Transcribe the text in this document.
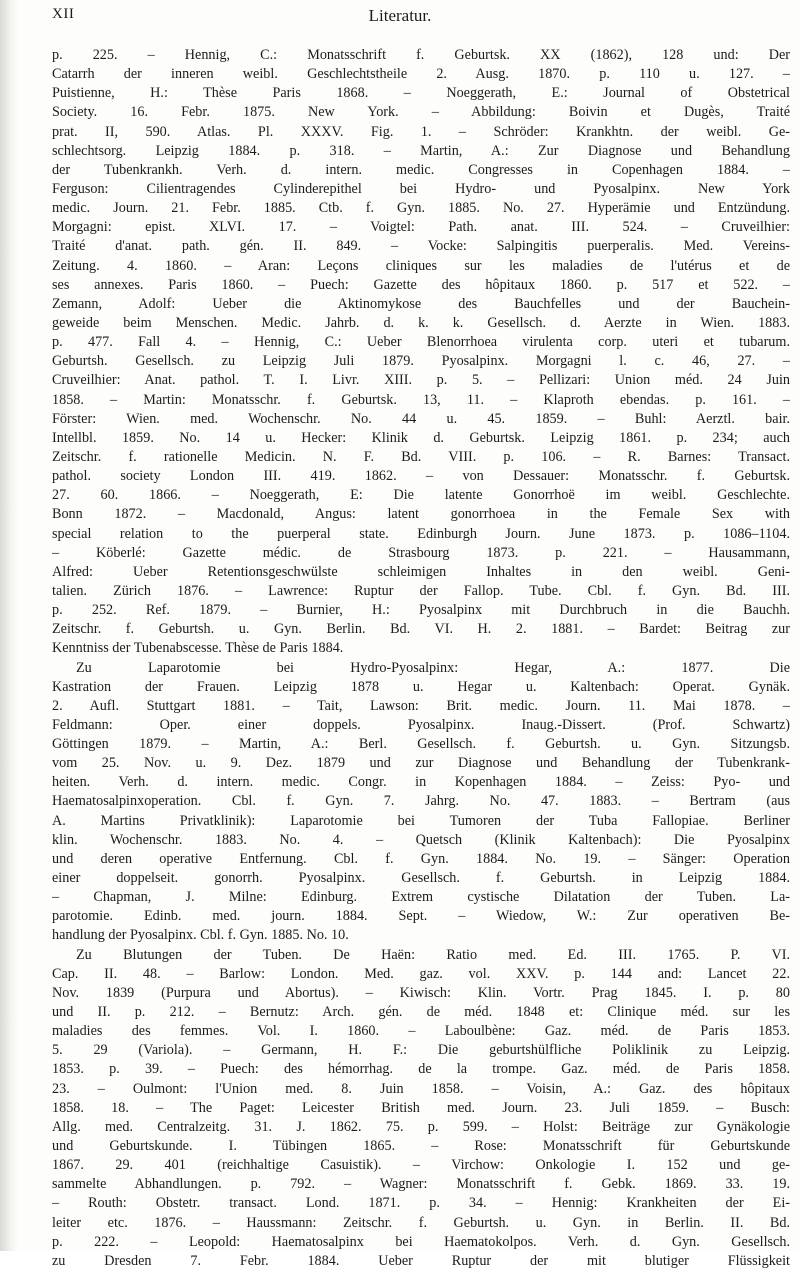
XII	Literatur.
p. 225. – Hennig, C.: Monatsschrift f. Geburtsk. XX (1862), 128 und: Der
Catarrh der inneren weibl. Geschlechtstheile 2. Ausg. 1870. p. 110 u. 127. –
Puistienne, H.: Thèse Paris 1868. – Noeggerath, E.: Journal of Obstetrical
Society. 16. Febr. 1875. New York. – Abbildung: Boivin et Dugès, Traité
prat. II, 590. Atlas. Pl. XXXV. Fig. 1. – Schröder: Krankhtn. der weibl. Ge-
schlechtsorg. Leipzig 1884. p. 318. – Martin, A.: Zur Diagnose und Behandlung
der Tubenkrankh. Verh. d. intern. medic. Congresses in Copenhagen 1884. –
Ferguson: Cilientragendes Cylinderepithel bei Hydro- und Pyosalpinx. New York
medic. Journ. 21. Febr. 1885. Ctb. f. Gyn. 1885. No. 27. Hyperämie und Entzündung.
Morgagni: epist. XLVI. 17. – Voigtel: Path. anat. III. 524. – Cruveilhier:
Traité d'anat. path. gén. II. 849. – Vocke: Salpingitis puerperalis. Med. Vereins-
Zeitung. 4. 1860. – Aran: Leçons cliniques sur les maladies de l'utérus et de
ses annexes. Paris 1860. – Puech: Gazette des hôpitaux 1860. p. 517 et 522. –
Zemann, Adolf: Ueber die Aktinomykose des Bauchfelles und der Bauchein-
geweide beim Menschen. Medic. Jahrb. d. k. k. Gesellsch. d. Aerzte in Wien. 1883.
p. 477. Fall 4. – Hennig, C.: Ueber Blenorrhoea virulenta corp. uteri et tubarum.
Geburtsh. Gesellsch. zu Leipzig Juli 1879. Pyosalpinx. Morgagni l. c. 46, 27. –
Cruveilhier: Anat. pathol. T. I. Livr. XIII. p. 5. – Pellizari: Union méd. 24 Juin
1858. – Martin: Monatsschr. f. Geburtsk. 13, 11. – Klaproth ebendas. p. 161. –
Förster: Wien. med. Wochenschr. No. 44 u. 45. 1859. – Buhl: Aerztl. bair.
Intellbl. 1859. No. 14 u. Hecker: Klinik d. Geburtsk. Leipzig 1861. p. 234; auch
Zeitschr. f. rationelle Medicin. N. F. Bd. VIII. p. 106. – R. Barnes: Transact.
pathol. society London III. 419. 1862. – von Dessauer: Monatsschr. f. Geburtsk.
27. 60. 1866. – Noeggerath, E: Die latente Gonorrhoë im weibl. Geschlechte.
Bonn 1872. – Macdonald, Angus: latent gonorrhoea in the Female Sex with
special relation to the puerperal state. Edinburgh Journ. June 1873. p. 1086–1104.
– Köberlé: Gazette médic. de Strasbourg 1873. p. 221. – Hausammann,
Alfred: Ueber Retentionsgeschwülste schleimigen Inhaltes in den weibl. Geni-
talien. Zürich 1876. – Lawrence: Ruptur der Fallop. Tube. Cbl. f. Gyn. Bd. III.
p. 252. Ref. 1879. – Burnier, H.: Pyosalpinx mit Durchbruch in die Bauchh.
Zeitschr. f. Geburtsh. u. Gyn. Berlin. Bd. VI. H. 2. 1881. – Bardet: Beitrag zur
Kenntniss der Tubenabscesse. Thèse de Paris 1884.
Zu Laparotomie bei Hydro-Pyosalpinx: Hegar, A.: 1877. Die
Kastration der Frauen. Leipzig 1878 u. Hegar u. Kaltenbach: Operat. Gynäk.
2. Aufl. Stuttgart 1881. – Tait, Lawson: Brit. medic. Journ. 11. Mai 1878. –
Feldmann: Oper. einer doppels. Pyosalpinx. Inaug.-Dissert. (Prof. Schwartz)
Göttingen 1879. – Martin, A.: Berl. Gesellsch. f. Geburtsh. u. Gyn. Sitzungsb.
vom 25. Nov. u. 9. Dez. 1879 und zur Diagnose und Behandlung der Tubenkrank-
heiten. Verh. d. intern. medic. Congr. in Kopenhagen 1884. – Zeiss: Pyo- und
Haematosalpinxoperation. Cbl. f. Gyn. 7. Jahrg. No. 47. 1883. – Bertram (aus
A. Martins Privatklinik): Laparotomie bei Tumoren der Tuba Fallopiae. Berliner
klin. Wochenschr. 1883. No. 4. – Quetsch (Klinik Kaltenbach): Die Pyosalpinx
und deren operative Entfernung. Cbl. f. Gyn. 1884. No. 19. – Sänger: Operation
einer doppelseit. gonorrh. Pyosalpinx. Gesellsch. f. Geburtsh. in Leipzig 1884.
– Chapman, J. Milne: Edinburg. Extrem cystische Dilatation der Tuben. La-
parotomie. Edinb. med. journ. 1884. Sept. – Wiedow, W.: Zur operativen Be-
handlung der Pyosalpinx. Cbl. f. Gyn. 1885. No. 10.
Zu Blutungen der Tuben. De Haën: Ratio med. Ed. III. 1765. P. VI.
Cap. II. 48. – Barlow: London. Med. gaz. vol. XXV. p. 144 and: Lancet 22.
Nov. 1839 (Purpura und Abortus). – Kiwisch: Klin. Vortr. Prag 1845. I. p. 80
und II. p. 212. – Bernutz: Arch. gén. de méd. 1848 et: Clinique méd. sur les
maladies des femmes. Vol. I. 1860. – Laboulbène: Gaz. méd. de Paris 1853.
5. 29 (Variola). – Germann, H. F.: Die geburtshülfliche Poliklinik zu Leipzig.
1853. p. 39. – Puech: des hémorrhag. de la trompe. Gaz. méd. de Paris 1858.
23. – Oulmont: l'Union med. 8. Juin 1858. – Voisin, A.: Gaz. des hôpitaux
1858. 18. – The Paget: Leicester British med. Journ. 23. Juli 1859. – Busch:
Allg. med. Centralzeitg. 31. J. 1862. 75. p. 599. – Holst: Beiträge zur Gynäkologie
und Geburtskunde. I. Tübingen 1865. – Rose: Monatsschrift für Geburtskunde
1867. 29. 401 (reichhaltige Casuistik). – Virchow: Onkologie I. 152 und ge-
sammelte Abhandlungen. p. 792. – Wagner: Monatsschrift f. Gebk. 1869. 33. 19.
– Routh: Obstetr. transact. Lond. 1871. p. 34. – Hennig: Krankheiten der Ei-
leiter etc. 1876. – Haussmann: Zeitschr. f. Geburtsh. u. Gyn. in Berlin. II. Bd.
p. 222. – Leopold: Haematosalpinx bei Haematokolpos. Verh. d. Gyn. Gesellsch.
zu Dresden 7. Febr. 1884. Ueber Ruptur der mit blutiger Flüssigkeit
